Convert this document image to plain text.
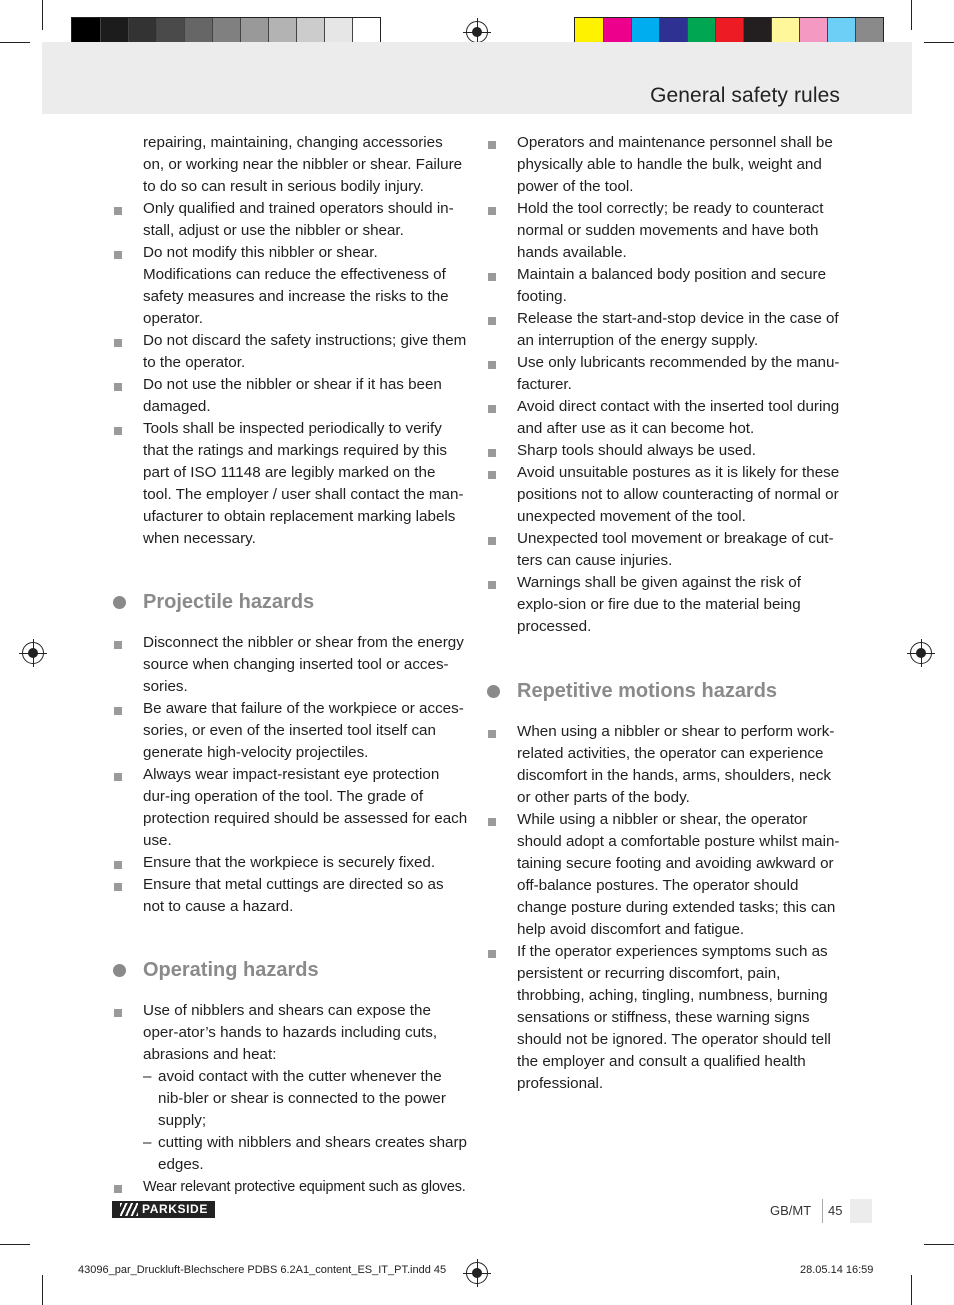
General safety rules
repairing, maintaining, changing accessories on, or working near the nibbler or shear. Failure to do so can result in serious bodily injury.
Only qualified and trained operators should in-stall, adjust or use the nibbler or shear.
Do not modify this nibbler or shear. Modifications can reduce the effectiveness of safety measures and increase the risks to the operator.
Do not discard the safety instructions; give them to the operator.
Do not use the nibbler or shear if it has been damaged.
Tools shall be inspected periodically to verify that the ratings and markings required by this part of ISO 11148 are legibly marked on the tool. The employer / user shall contact the man-ufacturer to obtain replacement marking labels when necessary.
Projectile hazards
Disconnect the nibbler or shear from the energy source when changing inserted tool or acces-sories.
Be aware that failure of the workpiece or acces-sories, or even of the inserted tool itself can generate high-velocity projectiles.
Always wear impact-resistant eye protection dur-ing operation of the tool. The grade of protection required should be assessed for each use.
Ensure that the workpiece is securely fixed.
Ensure that metal cuttings are directed so as not to cause a hazard.
Operating hazards
Use of nibblers and shears can expose the oper-ator’s hands to hazards including cuts, abrasions and heat:
– avoid contact with the cutter whenever the nib-bler or shear is connected to the power supply;
– cutting with nibblers and shears creates sharp edges.
Wear relevant protective equipment such as gloves.
Operators and maintenance personnel shall be physically able to handle the bulk, weight and power of the tool.
Hold the tool correctly; be ready to counteract normal or sudden movements and have both hands available.
Maintain a balanced body position and secure footing.
Release the start-and-stop device in the case of an interruption of the energy supply.
Use only lubricants recommended by the manu-facturer.
Avoid direct contact with the inserted tool during and after use as it can become hot.
Sharp tools should always be used.
Avoid unsuitable postures as it is likely for these positions not to allow counteracting of normal or unexpected movement of the tool.
Unexpected tool movement or breakage of cut-ters can cause injuries.
Warnings shall be given against the risk of explo-sion or fire due to the material being processed.
Repetitive motions hazards
When using a nibbler or shear to perform work-related activities, the operator can experience discomfort in the hands, arms, shoulders, neck or other parts of the body.
While using a nibbler or shear, the operator should adopt a comfortable posture whilst main-taining secure footing and avoiding awkward or off-balance postures. The operator should change posture during extended tasks; this can help avoid discomfort and fatigue.
If the operator experiences symptoms such as persistent or recurring discomfort, pain, throbbing, aching, tingling, numbness, burning sensations or stiffness, these warning signs should not be ignored. The operator should tell the employer and consult a qualified health professional.
PARKSIDE	GB/MT 45
43096_par_Druckluft-Blechschere PDBS 6.2A1_content_ES_IT_PT.indd 45	28.05.14 16:59
